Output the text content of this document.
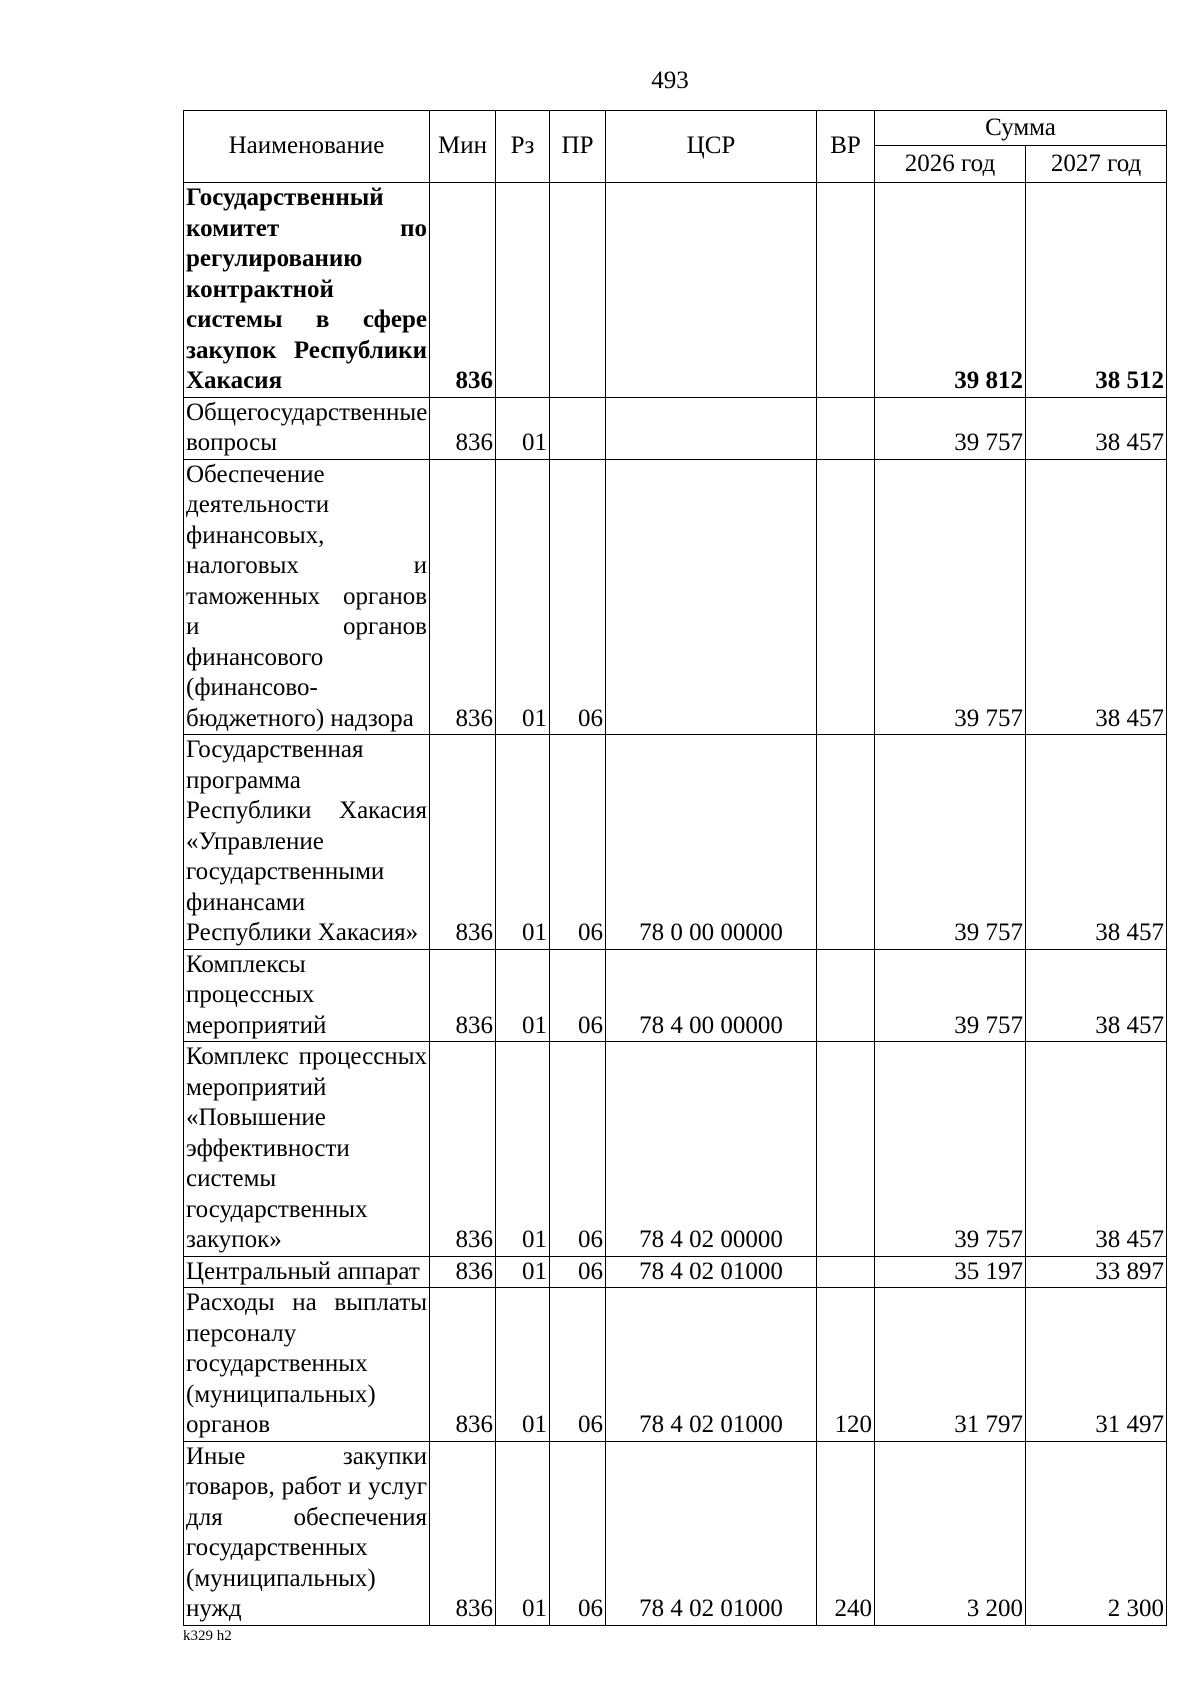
493
Наименование	Мин	Рз	ПР	ЦСР	ВР	Сумма	
						2026 год	2027 год
Государственный комитет по регулированию контрактной системы в сфере закупок Республики Хакасия	836					39 812	38 512
Общегосударственные вопросы	836	01				39 757	38 457
Обеспечение деятельности финансовых, налоговых и таможенных органов и органов финансового (финансово-бюджетного) надзора	836	01	06			39 757	38 457
Государственная программа Республики Хакасия «Управление государственными финансами Республики Хакасия»	836	01	06	78 0 00 00000		39 757	38 457
Комплексы процессных мероприятий	836	01	06	78 4 00 00000		39 757	38 457
Комплекс процессных мероприятий «Повышение эффективности системы государственных закупок»	836	01	06	78 4 02 00000		39 757	38 457
Центральный аппарат	836	01	06	78 4 02 01000		35 197	33 897
Расходы на выплаты персоналу государственных (муниципальных) органов	836	01	06	78 4 02 01000	120	31 797	31 497
Иные закупки товаров, работ и услуг для обеспечения государственных (муниципальных) нужд	836	01	06	78 4 02 01000	240	3 200	2 300
k329 h2
